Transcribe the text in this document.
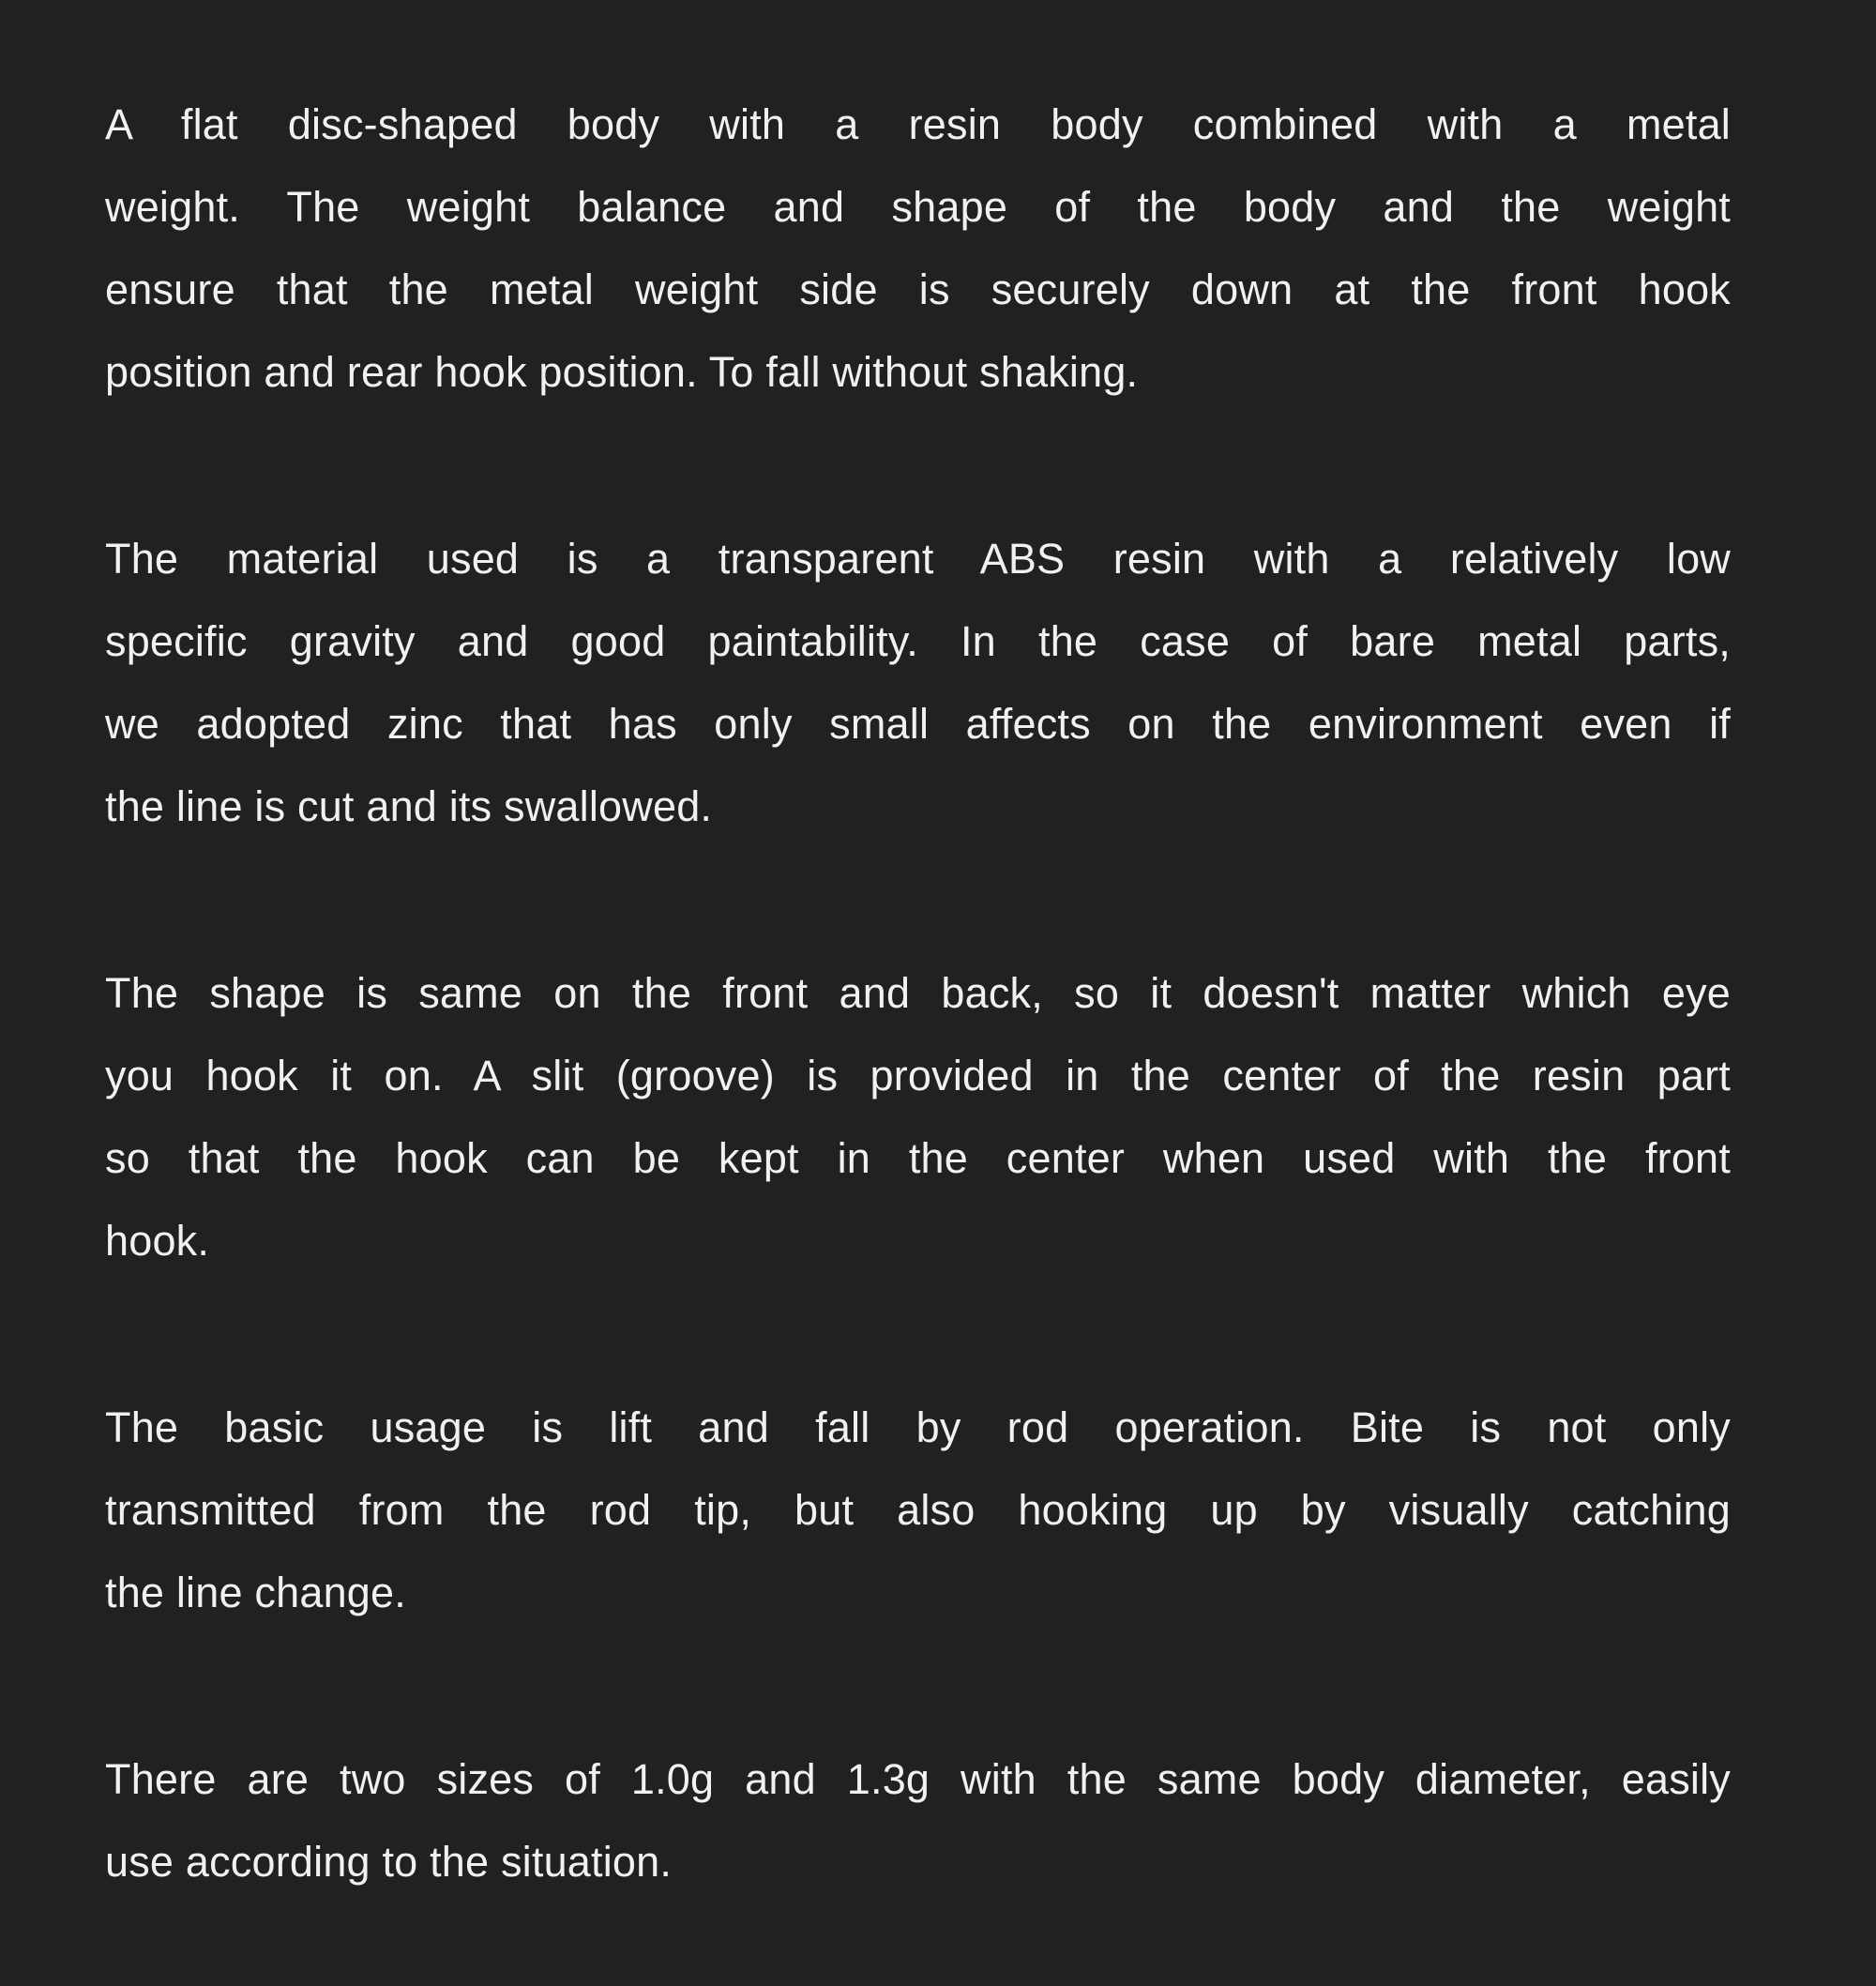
A flat disc-shaped body with a resin body combined with a metal
weight. The weight balance and shape of the body and the weight
ensure that the metal weight side is securely down at the front hook
position and rear hook position. To fall without shaking.
The material used is a transparent ABS resin with a relatively low
specific gravity and good paintability. In the case of bare metal parts,
we adopted zinc that has only small affects on the environment even if
the line is cut and its swallowed.
The shape is same on the front and back, so it doesn't matter which eye
you hook it on. A slit (groove) is provided in the center of the resin part
so that the hook can be kept in the center when used with the front
hook.
The basic usage is lift and fall by rod operation. Bite is not only
transmitted from the rod tip, but also hooking up by visually catching
the line change.
There are two sizes of 1.0g and 1.3g with the same body diameter, easily
use according to the situation.
